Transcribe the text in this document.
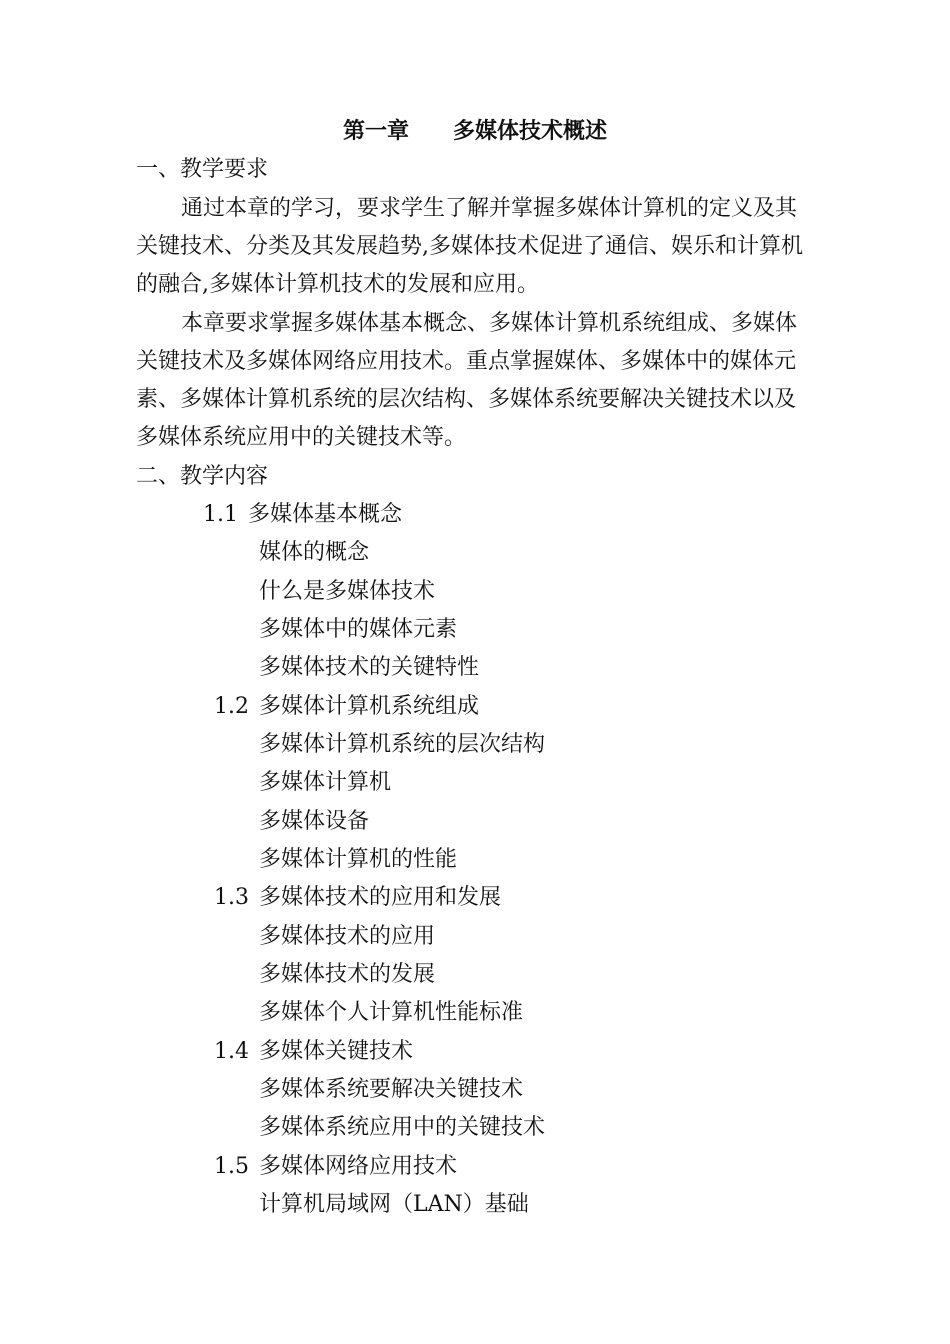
第一章 多媒体技术概述
一、教学要求
通过本章的学习，要求学生了解并掌握多媒体计算机的定义及其
关键技术、分类及其发展趋势,多媒体技术促进了通信、娱乐和计算机
的融合,多媒体计算机技术的发展和应用。
本章要求掌握多媒体基本概念、多媒体计算机系统组成、多媒体
关键技术及多媒体网络应用技术。重点掌握媒体、多媒体中的媒体元
素、多媒体计算机系统的层次结构、多媒体系统要解决关键技术以及
多媒体系统应用中的关键技术等。
二、教学内容
1.1 多媒体基本概念
媒体的概念
什么是多媒体技术
多媒体中的媒体元素
多媒体技术的关键特性
1.2 多媒体计算机系统组成
多媒体计算机系统的层次结构
多媒体计算机
多媒体设备
多媒体计算机的性能
1.3 多媒体技术的应用和发展
多媒体技术的应用
多媒体技术的发展
多媒体个人计算机性能标准
1.4 多媒体关键技术
多媒体系统要解决关键技术
多媒体系统应用中的关键技术
1.5 多媒体网络应用技术
计算机局域网（LAN）基础
